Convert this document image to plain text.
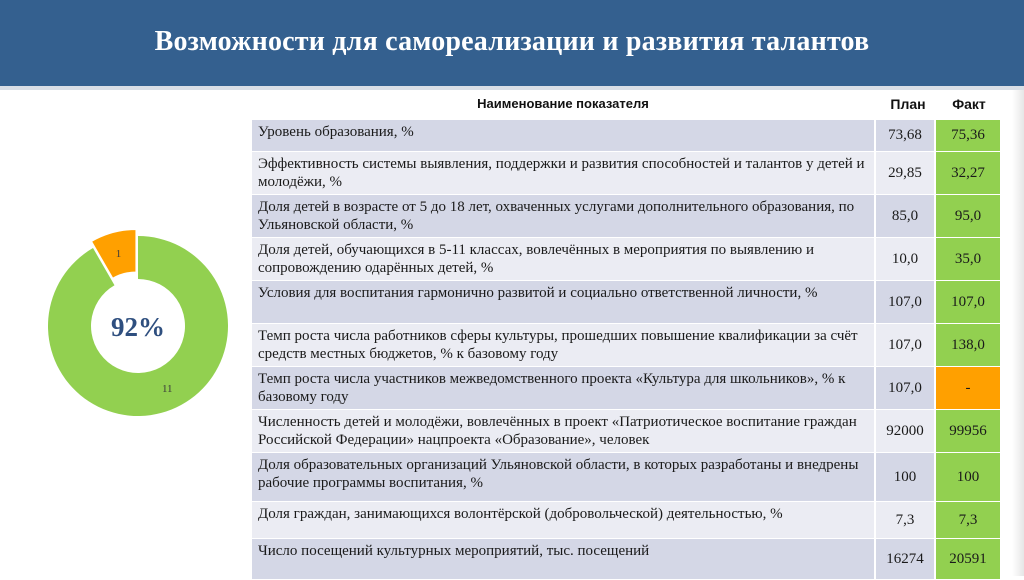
Возможности для самореализации и развития талантов
Наименование показателя	План	Факт
Уровень образования, %	73,68	75,36
Эффективность системы выявления, поддержки и развития способностей и талантов у детей и молодёжи, %
29,85	32,27
Доля детей в возрасте от 5 до 18 лет, охваченных услугами дополнительного образования, по Ульяновской области, %
85,0	95,0
Доля детей, обучающихся в 5-11 классах, вовлечённых в мероприятия по выявлению и сопровождению одарённых детей, %
10,0	35,0
Условия для воспитания гармонично развитой и социально ответственной личности, %
107,0	107,0
Темп роста числа работников сферы культуры, прошедших повышение квалификации за счёт средств местных бюджетов, % к базовому году
107,0	138,0
Темп роста числа участников межведомственного проекта «Культура для школьников», % к базовому году
107,0	-
Численность детей и молодёжи, вовлечённых в проект «Патриотическое воспитание граждан Российской Федерации» нацпроекта «Образование», человек
92000	99956
Доля образовательных организаций Ульяновской области, в которых разработаны и внедрены рабочие программы воспитания, %	100	100
Доля граждан, занимающихся волонтёрской (добровольческой) деятельностью, %	7,3	7,3
Число посещений культурных мероприятий, тыс. посещений	16274	20591
1
11
92%
